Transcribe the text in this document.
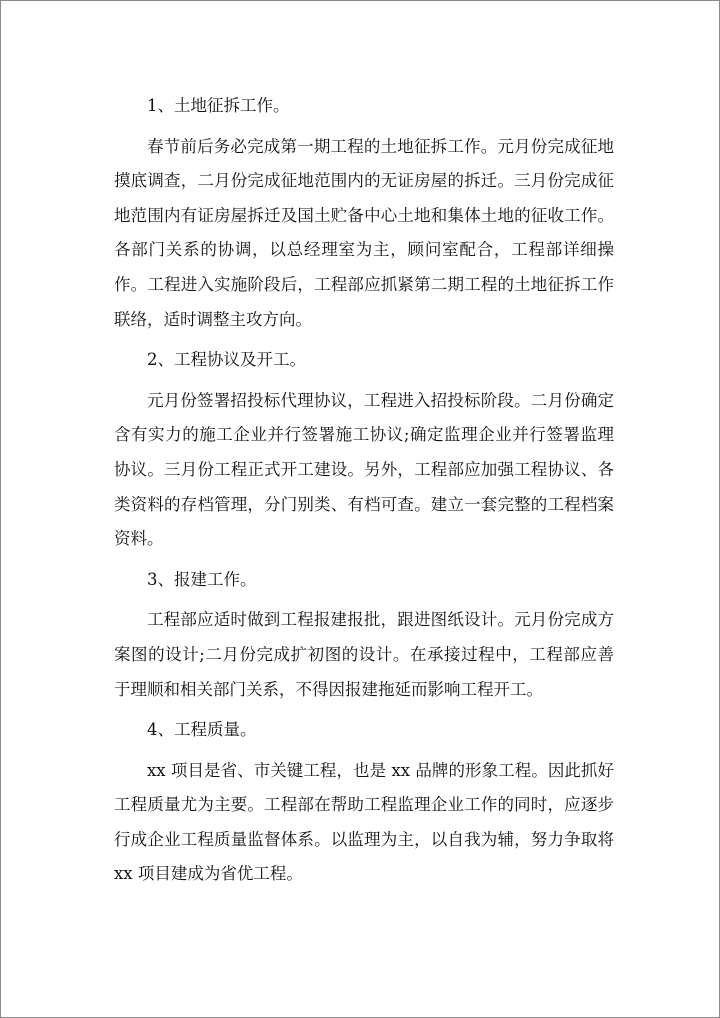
1、土地征拆工作。
春节前后务必完成第一期工程的土地征拆工作。元月份完成征地摸底调查，二月份完成征地范围内的无证房屋的拆迁。三月份完成征地范围内有证房屋拆迁及国土贮备中心土地和集体土地的征收工作。各部门关系的协调，以总经理室为主，顾问室配合，工程部详细操作。工程进入实施阶段后，工程部应抓紧第二期工程的土地征拆工作联络，适时调整主攻方向。
2、工程协议及开工。
元月份签署招投标代理协议，工程进入招投标阶段。二月份确定含有实力的施工企业并行签署施工协议;确定监理企业并行签署监理协议。三月份工程正式开工建设。另外，工程部应加强工程协议、各类资料的存档管理，分门别类、有档可查。建立一套完整的工程档案资料。
3、报建工作。
工程部应适时做到工程报建报批，跟进图纸设计。元月份完成方案图的设计;二月份完成扩初图的设计。在承接过程中，工程部应善于理顺和相关部门关系，不得因报建拖延而影响工程开工。
4、工程质量。
xx 项目是省、市关键工程，也是 xx 品牌的形象工程。因此抓好工程质量尤为主要。工程部在帮助工程监理企业工作的同时，应逐步行成企业工程质量监督体系。以监理为主，以自我为辅，努力争取将 xx 项目建成为省优工程。
